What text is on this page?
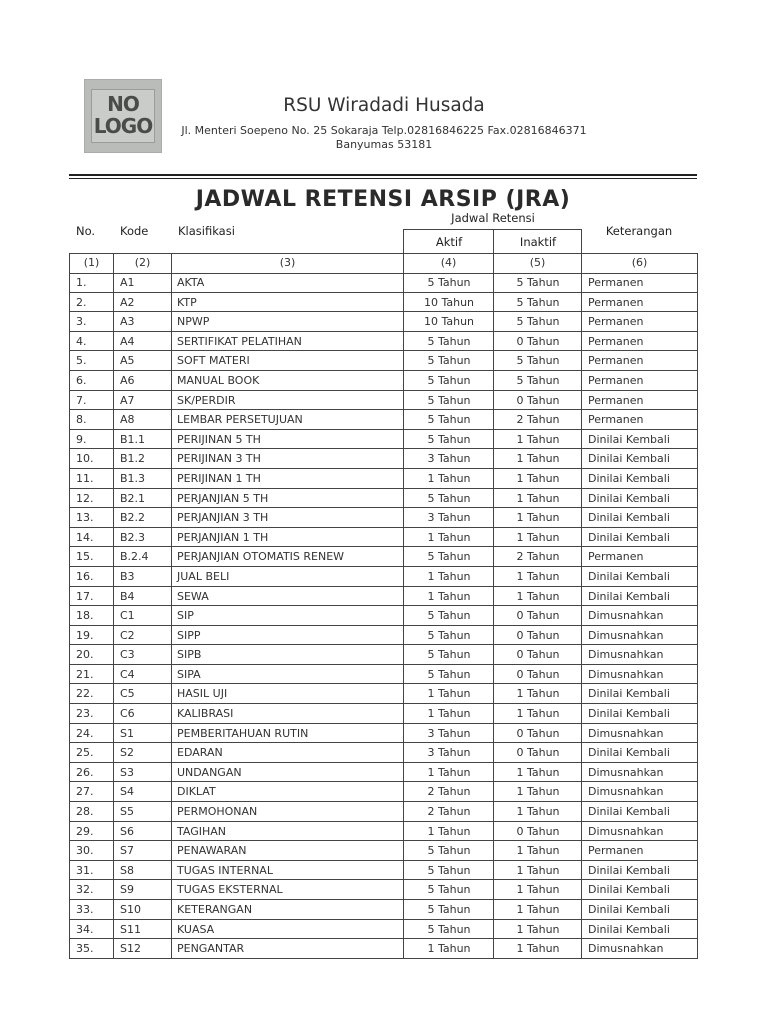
NO
LOGO
RSU Wiradadi Husada
Jl. Menteri Soepeno No. 25 Sokaraja Telp.02816846225 Fax.02816846371
Banyumas 53181
JADWAL RETENSI ARSIP (JRA)
No. Kode	Klasifikasi
Jadwal Retensi
Aktif	Inaktif
Keterangan
(1)	(2)	(3)	(4)	(5)	(6)
1.	A1	AKTA	5 Tahun	5 Tahun	Permanen
2.	A2	KTP	10 Tahun	5 Tahun	Permanen
3.	A3	NPWP	10 Tahun	5 Tahun	Permanen
4.	A4	SERTIFIKAT PELATIHAN	5 Tahun	0 Tahun	Permanen
5.	A5	SOFT MATERI	5 Tahun	5 Tahun	Permanen
6.	A6	MANUAL BOOK	5 Tahun	5 Tahun	Permanen
7.	A7	SK/PERDIR	5 Tahun	0 Tahun	Permanen
8.	A8	LEMBAR PERSETUJUAN	5 Tahun	2 Tahun	Permanen
9.	B1.1	PERIJINAN 5 TH	5 Tahun	1 Tahun	Dinilai Kembali
10. B1.2	PERIJINAN 3 TH	3 Tahun	1 Tahun	Dinilai Kembali
11. B1.3	PERIJINAN 1 TH	1 Tahun	1 Tahun	Dinilai Kembali
12. B2.1	PERJANJIAN 5 TH	5 Tahun	1 Tahun	Dinilai Kembali
13. B2.2	PERJANJIAN 3 TH	3 Tahun	1 Tahun	Dinilai Kembali
14. B2.3	PERJANJIAN 1 TH	1 Tahun	1 Tahun	Dinilai Kembali
15. B.2.4	PERJANJIAN OTOMATIS RENEW	5 Tahun	2 Tahun	Permanen
16. B3	JUAL BELI	1 Tahun	1 Tahun	Dinilai Kembali
17. B4	SEWA	1 Tahun	1 Tahun	Dinilai Kembali
18. C1	SIP	5 Tahun	0 Tahun	Dimusnahkan
19. C2	SIPP	5 Tahun	0 Tahun	Dimusnahkan
20. C3	SIPB	5 Tahun	0 Tahun	Dimusnahkan
21. C4	SIPA	5 Tahun	0 Tahun	Dimusnahkan
22. C5	HASIL UJI	1 Tahun	1 Tahun	Dinilai Kembali
23. C6	KALIBRASI	1 Tahun	1 Tahun	Dinilai Kembali
24. S1	PEMBERITAHUAN RUTIN	3 Tahun	0 Tahun	Dimusnahkan
25. S2	EDARAN	3 Tahun	0 Tahun	Dinilai Kembali
26. S3	UNDANGAN	1 Tahun	1 Tahun	Dimusnahkan
27. S4	DIKLAT	2 Tahun	1 Tahun	Dimusnahkan
28. S5	PERMOHONAN	2 Tahun	1 Tahun	Dinilai Kembali
29. S6	TAGIHAN	1 Tahun	0 Tahun	Dimusnahkan
30. S7	PENAWARAN	5 Tahun	1 Tahun	Permanen
31. S8	TUGAS INTERNAL	5 Tahun	1 Tahun	Dinilai Kembali
32. S9	TUGAS EKSTERNAL	5 Tahun	1 Tahun	Dinilai Kembali
33. S10	KETERANGAN	5 Tahun	1 Tahun	Dinilai Kembali
34. S11	KUASA	5 Tahun	1 Tahun	Dinilai Kembali
35. S12	PENGANTAR	1 Tahun	1 Tahun	Dimusnahkan
